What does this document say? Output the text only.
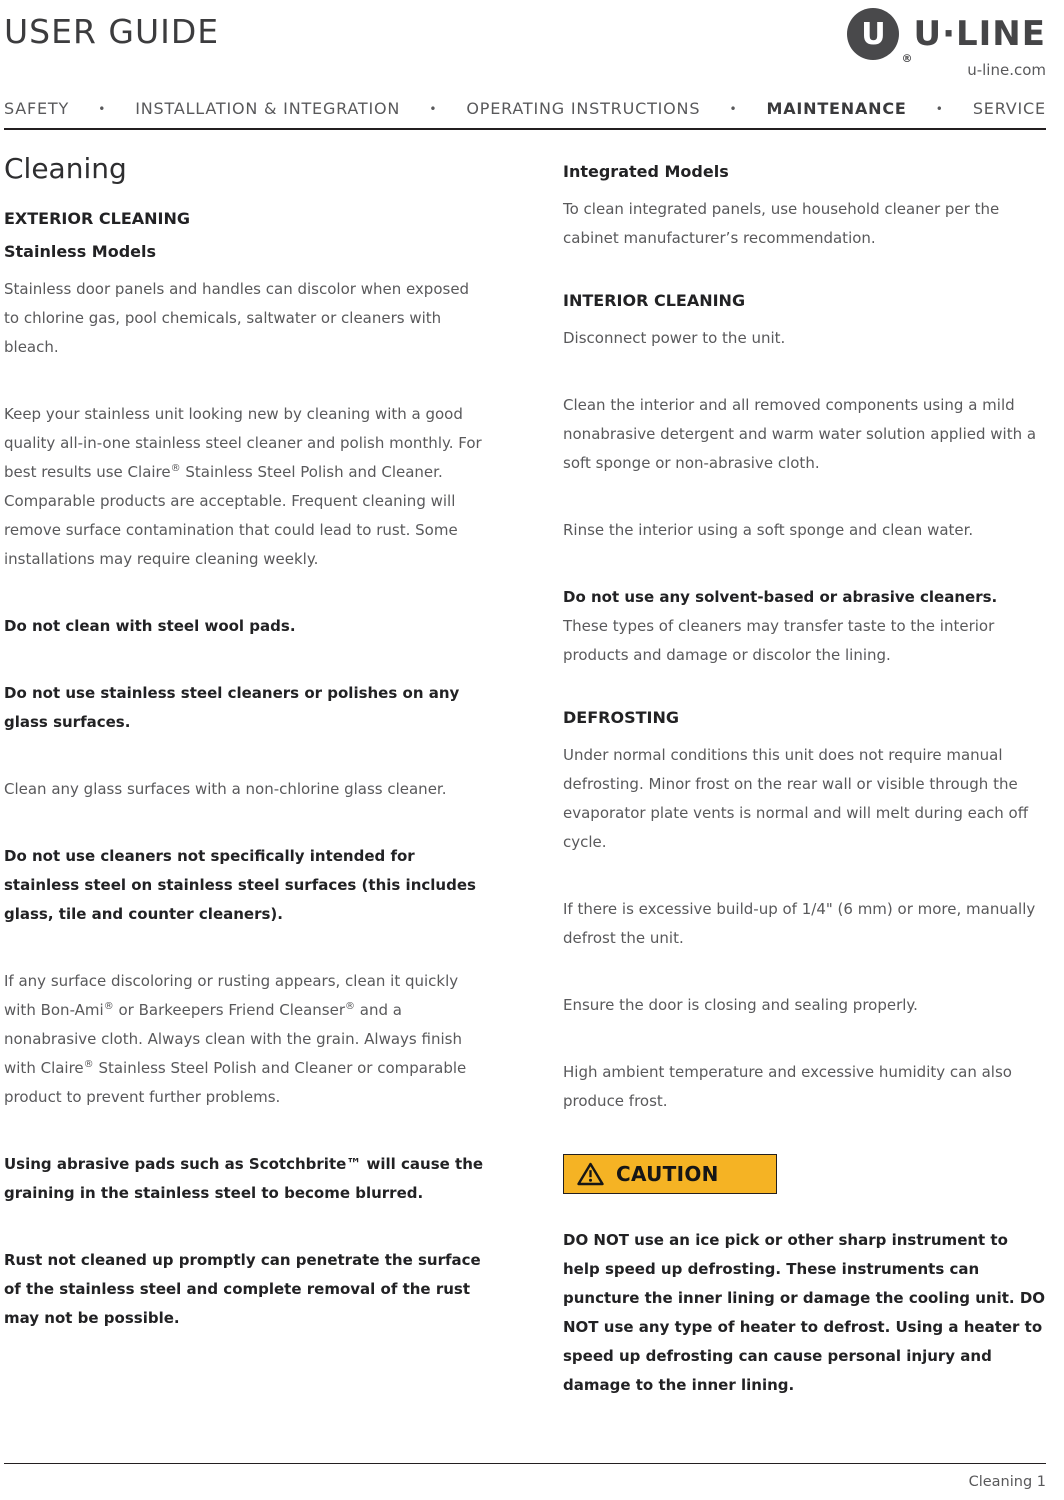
USER GUIDE	U
®
U·LINE
u-line.com
SAFETY • INSTALLATION & INTEGRATION • OPERATING INSTRUCTIONS • MAINTENANCE • SERVICE
Cleaning
EXTERIOR CLEANING
Stainless Models

Stainless door panels and handles can discolor when exposed to chlorine gas, pool chemicals, saltwater or cleaners with bleach.

Keep your stainless unit looking new by cleaning with a good quality all-in-one stainless steel cleaner and polish monthly. For best results use Claire® Stainless Steel Polish and Cleaner. Comparable products are acceptable. Frequent cleaning will remove surface contamination that could lead to rust. Some installations may require cleaning weekly.

Do not clean with steel wool pads.

Do not use stainless steel cleaners or polishes on any glass surfaces.

Clean any glass surfaces with a non-chlorine glass cleaner.

Do not use cleaners not specifically intended for stainless steel on stainless steel surfaces (this includes glass, tile and counter cleaners).

If any surface discoloring or rusting appears, clean it quickly with Bon-Ami® or Barkeepers Friend Cleanser® and a nonabrasive cloth. Always clean with the grain. Always finish with Claire® Stainless Steel Polish and Cleaner or comparable product to prevent further problems.

Using abrasive pads such as Scotchbrite™ will cause the graining in the stainless steel to become blurred.

Rust not cleaned up promptly can penetrate the surface of the stainless steel and complete removal of the rust may not be possible.

Integrated Models

To clean integrated panels, use household cleaner per the cabinet manufacturer’s recommendation.

INTERIOR CLEANING

Disconnect power to the unit.

Clean the interior and all removed components using a mild nonabrasive detergent and warm water solution applied with a soft sponge or non-abrasive cloth.

Rinse the interior using a soft sponge and clean water.

Do not use any solvent-based or abrasive cleaners. These types of cleaners may transfer taste to the interior products and damage or discolor the lining.

DEFROSTING

Under normal conditions this unit does not require manual defrosting. Minor frost on the rear wall or visible through the evaporator plate vents is normal and will melt during each off cycle.

If there is excessive build-up of 1/4" (6 mm) or more, manually defrost the unit.

Ensure the door is closing and sealing properly.

High ambient temperature and excessive humidity can also produce frost.

CAUTION

DO NOT use an ice pick or other sharp instrument to help speed up defrosting. These instruments can puncture the inner lining or damage the cooling unit. DO NOT use any type of heater to defrost. Using a heater to speed up defrosting can cause personal injury and damage to the inner lining.

Cleaning 1
